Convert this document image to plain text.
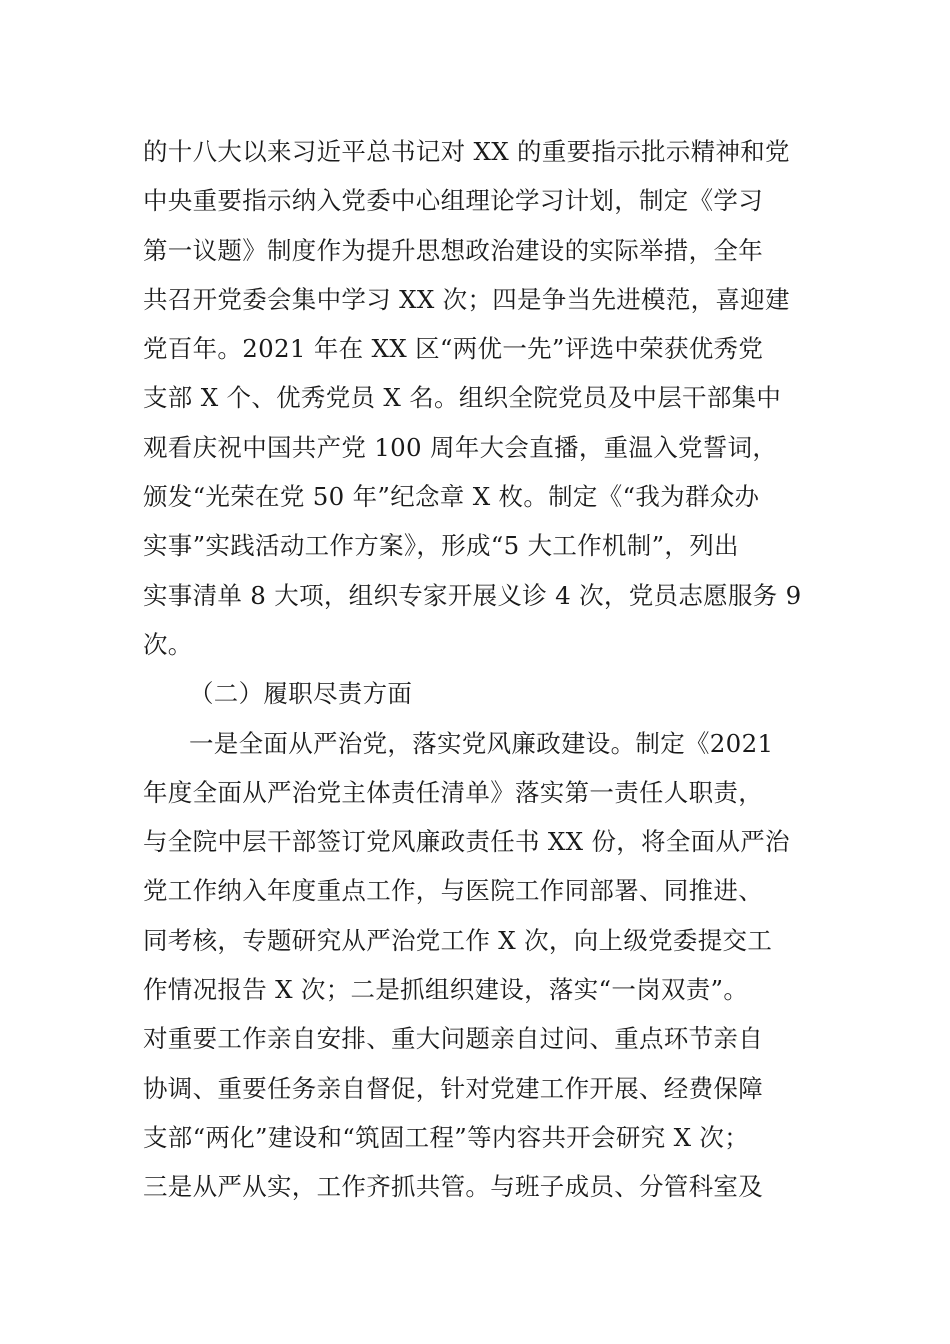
的十八大以来习近平总书记对 XX 的重要指示批示精神和党
中央重要指示纳入党委中心组理论学习计划，制定《学习
第一议题》制度作为提升思想政治建设的实际举措，全年
共召开党委会集中学习 XX 次；四是争当先进模范，喜迎建
党百年。2021 年在 XX 区“两优一先”评选中荣获优秀党
支部 X 个、优秀党员 X 名。组织全院党员及中层干部集中
观看庆祝中国共产党 100 周年大会直播，重温入党誓词，
颁发“光荣在党 50 年”纪念章 X 枚。制定《“我为群众办
实事”实践活动工作方案》，形成“5 大工作机制”，列出
实事清单 8 大项，组织专家开展义诊 4 次，党员志愿服务 9
次。
（二）履职尽责方面
一是全面从严治党，落实党风廉政建设。制定《2021
年度全面从严治党主体责任清单》落实第一责任人职责，
与全院中层干部签订党风廉政责任书 XX 份，将全面从严治
党工作纳入年度重点工作，与医院工作同部署、同推进、
同考核，专题研究从严治党工作 X 次，向上级党委提交工
作情况报告 X 次；二是抓组织建设，落实“一岗双责”。
对重要工作亲自安排、重大问题亲自过问、重点环节亲自
协调、重要任务亲自督促，针对党建工作开展、经费保障
支部“两化”建设和“筑固工程”等内容共开会研究 X 次；
三是从严从实，工作齐抓共管。与班子成员、分管科室及
